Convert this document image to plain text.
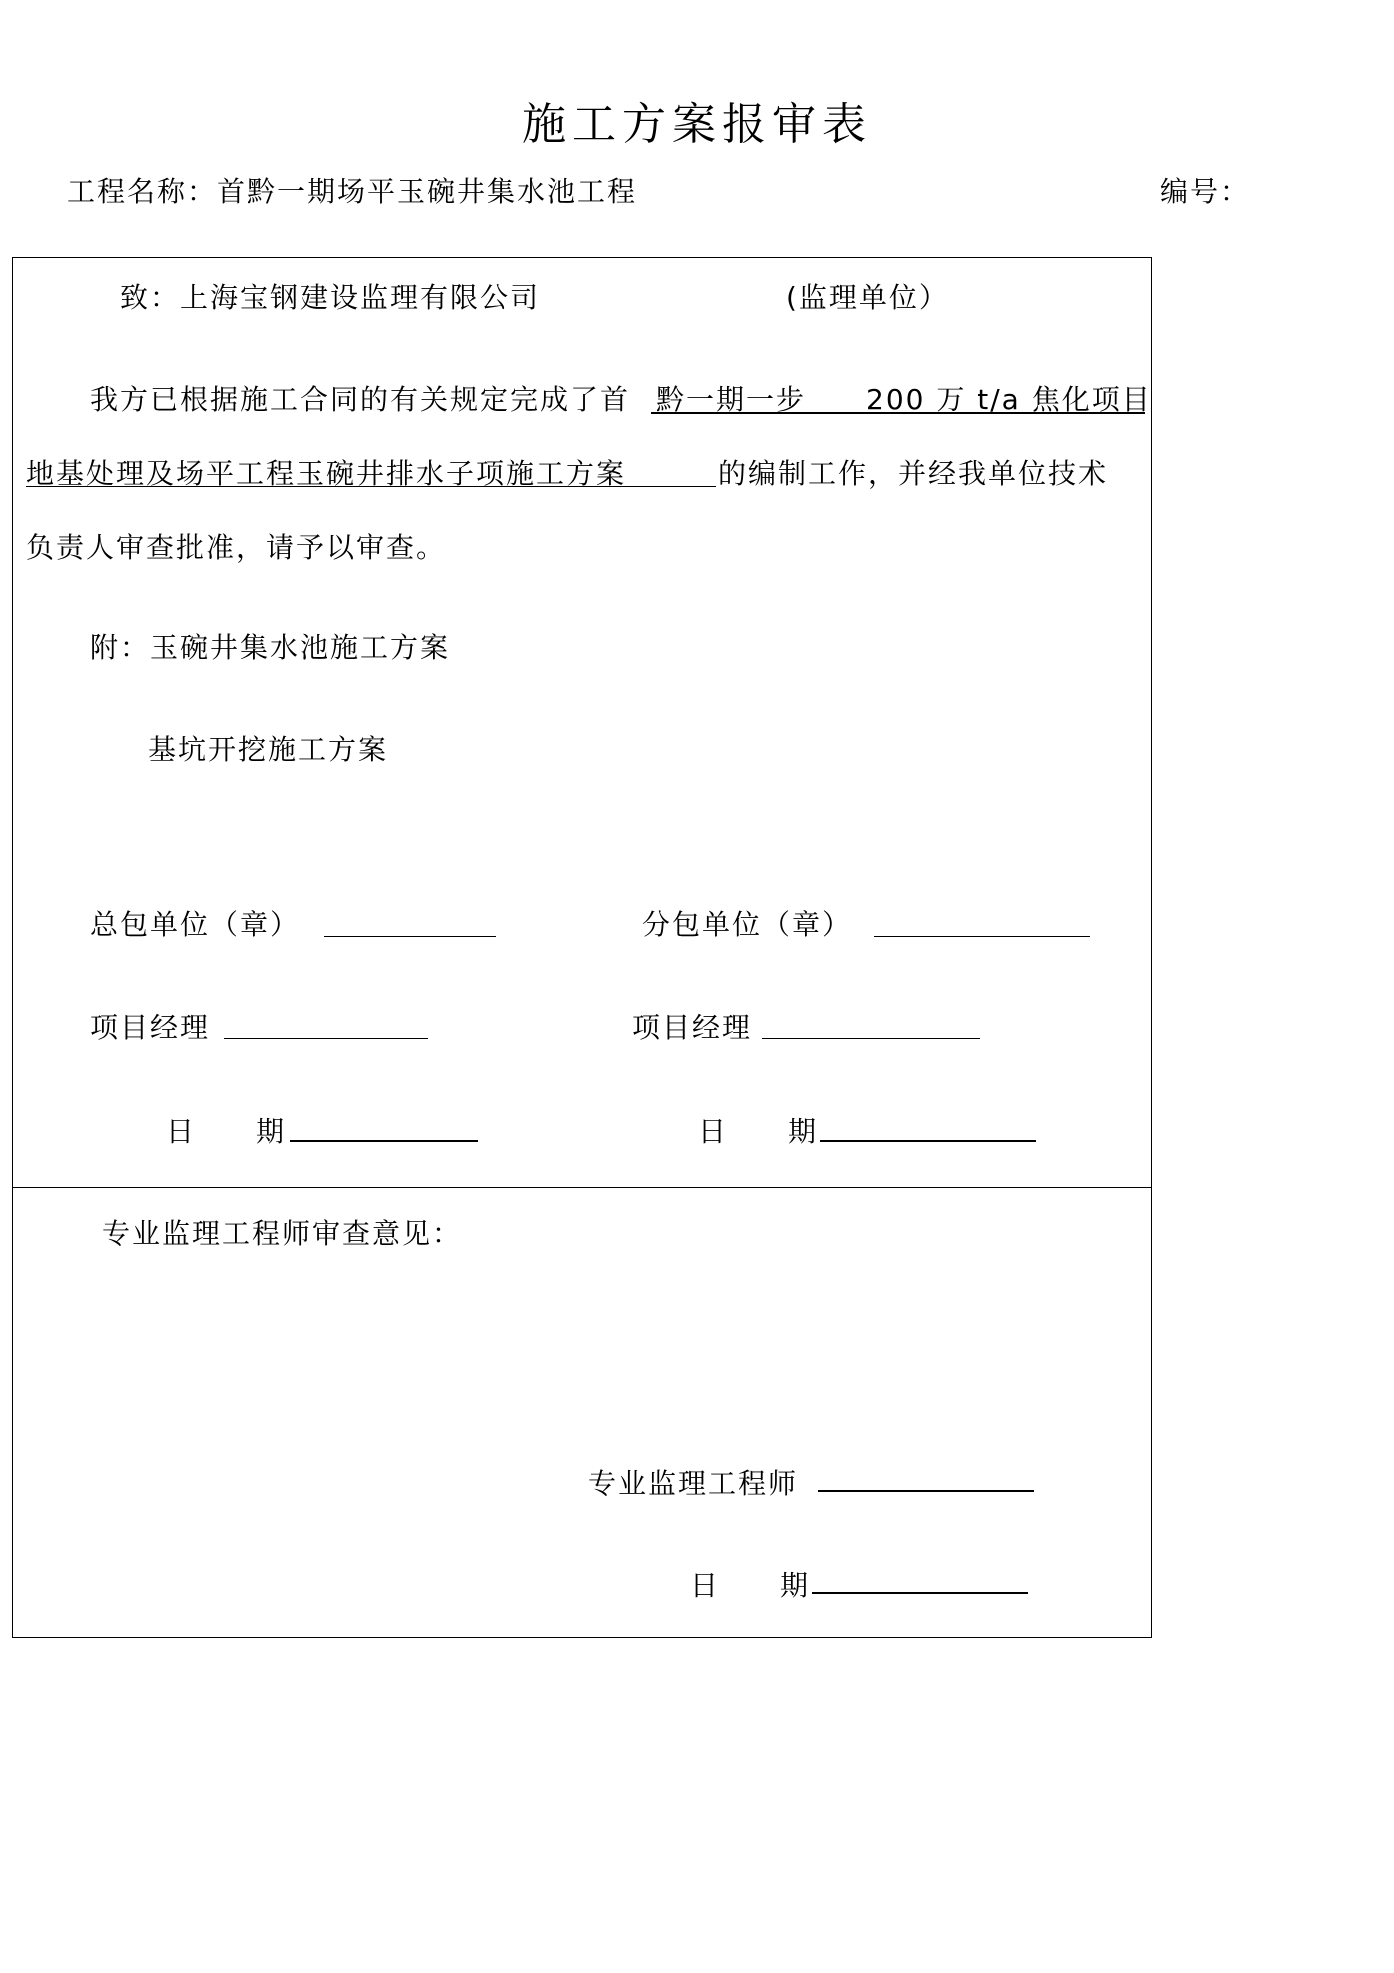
施工方案报审表
工程名称：首黔一期场平玉碗井集水池工程	编号：
致：上海宝钢建设监理有限公司	(监理单位）
我方已根据施工合同的有关规定完成了首 黔一期一步　　200 万 t/a 焦化项目
地基处理及场平工程玉碗井排水子项施工方案	的编制工作，并经我单位技术
负责人审查批准，请予以审查。
附：玉碗井集水池施工方案
基坑开挖施工方案
总包单位（章）	分包单位（章）
项目经理	项目经理
日　　期	日　　期
专业监理工程师审查意见：
专业监理工程师
日　　期
